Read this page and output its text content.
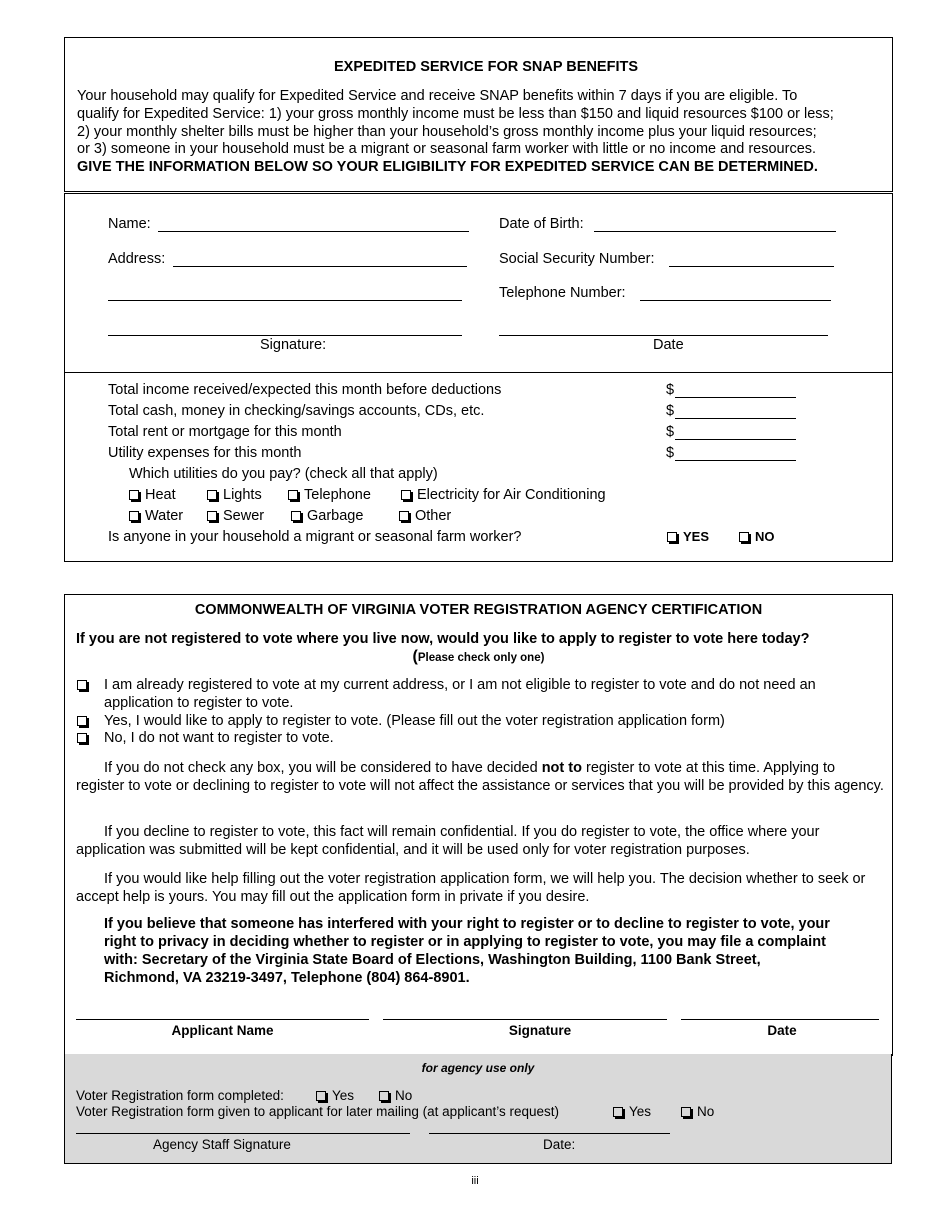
EXPEDITED SERVICE FOR SNAP BENEFITS
Your household may qualify for Expedited Service and receive SNAP benefits within 7 days if you are eligible. To
qualify for Expedited Service: 1) your gross monthly income must be less than $150 and liquid resources $100 or less;
2) your monthly shelter bills must be higher than your household’s gross monthly income plus your liquid resources;
or 3) someone in your household must be a migrant or seasonal farm worker with little or no income and resources.
GIVE THE INFORMATION BELOW SO YOUR ELIGIBILITY FOR EXPEDITED SERVICE CAN BE DETERMINED.
Name:	Date of Birth:
Address:	Social Security Number:
Telephone Number:
Signature:	Date
Total income received/expected this month before deductions	$
Total cash, money in checking/savings accounts, CDs, etc.	$
Total rent or mortgage for this month	$
Utility expenses for this month	$
Which utilities do you pay? (check all that apply)
Heat	Lights	Telephone	Electricity for Air Conditioning
Water	Sewer	Garbage	Other
Is anyone in your household a migrant or seasonal farm worker?	YES	NO
COMMONWEALTH OF VIRGINIA VOTER REGISTRATION AGENCY CERTIFICATION
If you are not registered to vote where you live now, would you like to apply to register to vote here today?
(Please check only one)
I am already registered to vote at my current address, or I am not eligible to register to vote and do not need an
application to register to vote.
Yes, I would like to apply to register to vote. (Please fill out the voter registration application form)
No, I do not want to register to vote.
If you do not check any box, you will be considered to have decided not to register to vote at this time. Applying to register to vote or declining to register to vote will not affect the assistance or services that you will be provided by this agency.
If you decline to register to vote, this fact will remain confidential. If you do register to vote, the office where your application was submitted will be kept confidential, and it will be used only for voter registration purposes.
If you would like help filling out the voter registration application form, we will help you. The decision whether to seek or accept help is yours. You may fill out the application form in private if you desire.
If you believe that someone has interfered with your right to register or to decline to register to vote, your
right to privacy in deciding whether to register or in applying to register to vote, you may file a complaint
with: Secretary of the Virginia State Board of Elections, Washington Building, 1100 Bank Street,
Richmond, VA 23219-3497, Telephone (804) 864-8901.
Applicant Name	Signature	Date
for agency use only
Voter Registration form completed:	Yes	No
Voter Registration form given to applicant for later mailing (at applicant’s request)	Yes	No
Agency Staff Signature	Date:
iii
